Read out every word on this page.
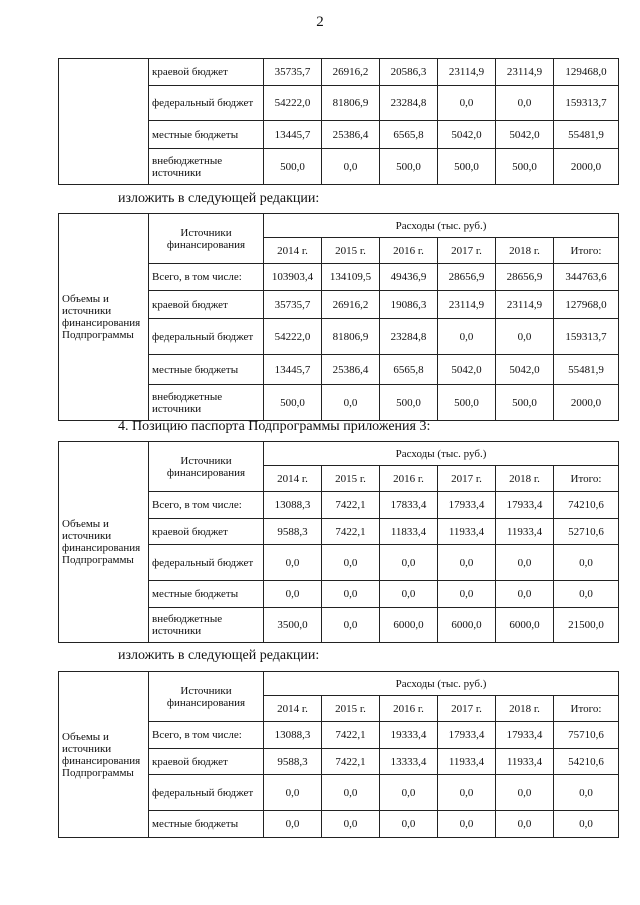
2
	краевой бюджет	35735,7	26916,2	20586,3	23114,9	23114,9	129468,0
	федеральный бюджет	54222,0	81806,9	23284,8	0,0	0,0	159313,7
	местные бюджеты	13445,7	25386,4	6565,8	5042,0	5042,0	55481,9
	внебюджетные источники	500,0	0,0	500,0	500,0	500,0	2000,0
изложить в следующей редакции:
Объемы и источники финансирования Подпрограммы	Источники финансирования	Расходы (тыс. руб.)					
		2014 г.	2015 г.	2016 г.	2017 г.	2018 г.	Итого:
	Всего, в том числе:	103903,4	134109,5	49436,9	28656,9	28656,9	344763,6
	краевой бюджет	35735,7	26916,2	19086,3	23114,9	23114,9	127968,0
	федеральный бюджет	54222,0	81806,9	23284,8	0,0	0,0	159313,7
	местные бюджеты	13445,7	25386,4	6565,8	5042,0	5042,0	55481,9
	внебюджетные источники	500,0	0,0	500,0	500,0	500,0	2000,0
4. Позицию паспорта Подпрограммы приложения 3:
Объемы и источники финансирования Подпрограммы	Источники финансирования	Расходы (тыс. руб.)					
		2014 г.	2015 г.	2016 г.	2017 г.	2018 г.	Итого:
	Всего, в том числе:	13088,3	7422,1	17833,4	17933,4	17933,4	74210,6
	краевой бюджет	9588,3	7422,1	11833,4	11933,4	11933,4	52710,6
	федеральный бюджет	0,0	0,0	0,0	0,0	0,0	0,0
	местные бюджеты	0,0	0,0	0,0	0,0	0,0	0,0
	внебюджетные источники	3500,0	0,0	6000,0	6000,0	6000,0	21500,0
изложить в следующей редакции:
Объемы и источники финансирования Подпрограммы	Источники финансирования	Расходы (тыс. руб.)					
		2014 г.	2015 г.	2016 г.	2017 г.	2018 г.	Итого:
	Всего, в том числе:	13088,3	7422,1	19333,4	17933,4	17933,4	75710,6
	краевой бюджет	9588,3	7422,1	13333,4	11933,4	11933,4	54210,6
	федеральный бюджет	0,0	0,0	0,0	0,0	0,0	0,0
	местные бюджеты	0,0	0,0	0,0	0,0	0,0	0,0
